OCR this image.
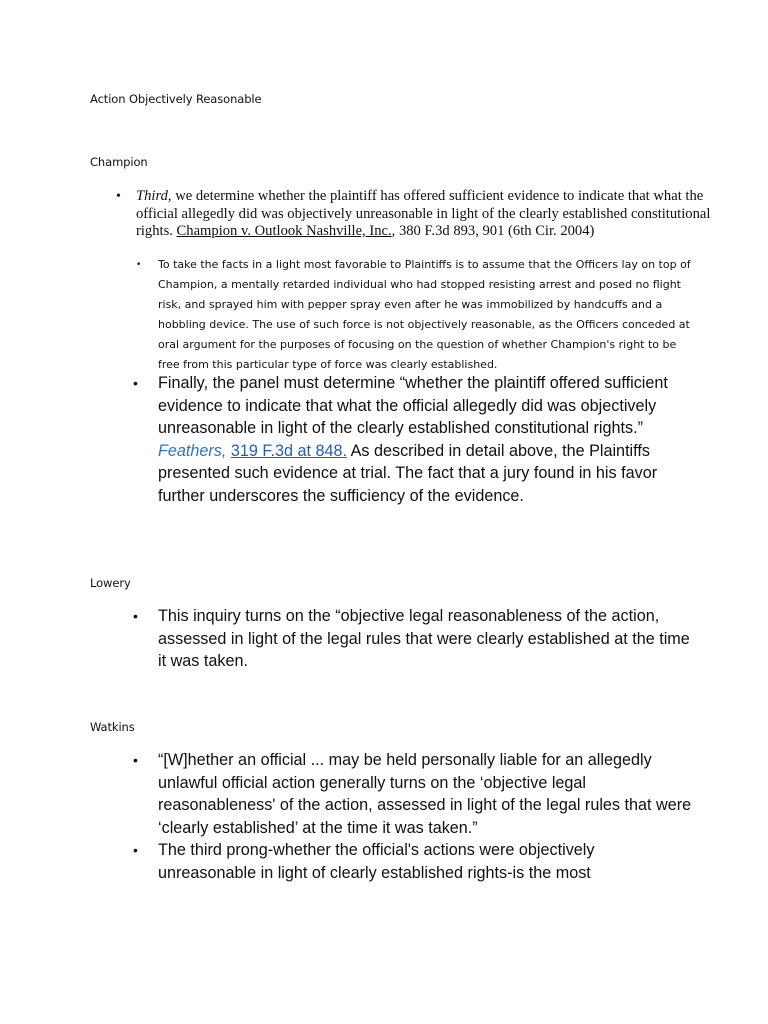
Action Objectively Reasonable
Champion
• Third, we determine whether the plaintiff has offered sufficient evidence to indicate that what the official allegedly did was objectively unreasonable in light of the clearly established constitutional rights. Champion v. Outlook Nashville, Inc., 380 F.3d 893, 901 (6th Cir. 2004)
• To take the facts in a light most favorable to Plaintiffs is to assume that the Officers lay on top of Champion, a mentally retarded individual who had stopped resisting arrest and posed no flight risk, and sprayed him with pepper spray even after he was immobilized by handcuffs and a hobbling device. The use of such force is not objectively reasonable, as the Officers conceded at oral argument for the purposes of focusing on the question of whether Champion's right to be free from this particular type of force was clearly established.
• Finally, the panel must determine “whether the plaintiff offered sufficient evidence to indicate that what the official allegedly did was objectively unreasonable in light of the clearly established constitutional rights.” Feathers, 319 F.3d at 848. As described in detail above, the Plaintiffs presented such evidence at trial. The fact that a jury found in his favor further underscores the sufficiency of the evidence.
Lowery
• This inquiry turns on the “objective legal reasonableness of the action, assessed in light of the legal rules that were clearly established at the time it was taken.
Watkins
• “[W]hether an official ... may be held personally liable for an allegedly unlawful official action generally turns on the ‘objective legal reasonableness' of the action, assessed in light of the legal rules that were ‘clearly established’ at the time it was taken.”
• The third prong-whether the official's actions were objectively unreasonable in light of clearly established rights-is the most
